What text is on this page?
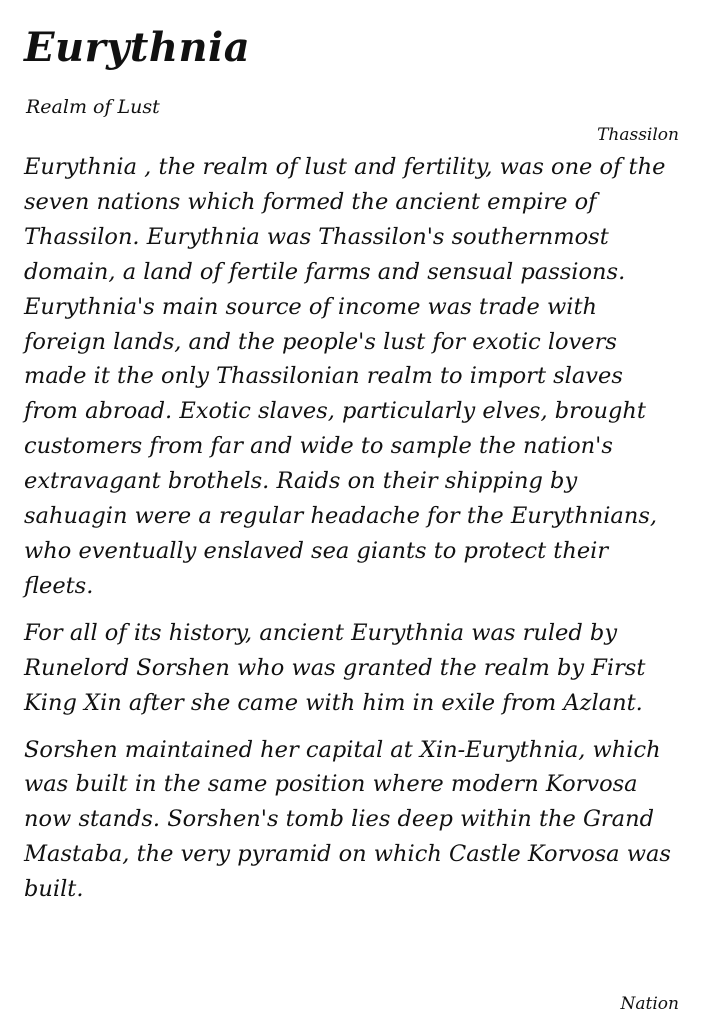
Eurythnia
Realm of Lust
Thassilon

Eurythnia , the realm of lust and fertility, was one of the seven nations which formed the ancient empire of Thassilon. Eurythnia was Thassilon's southernmost domain, a land of fertile farms and sensual passions. Eurythnia's main source of income was trade with foreign lands, and the people's lust for exotic lovers made it the only Thassilonian realm to import slaves from abroad. Exotic slaves, particularly elves, brought customers from far and wide to sample the nation's extravagant brothels. Raids on their shipping by sahuagin were a regular headache for the Eurythnians, who eventually enslaved sea giants to protect their fleets.

For all of its history, ancient Eurythnia was ruled by Runelord Sorshen who was granted the realm by First King Xin after she came with him in exile from Azlant.

Sorshen maintained her capital at Xin-Eurythnia, which was built in the same position where modern Korvosa now stands. Sorshen's tomb lies deep within the Grand Mastaba, the very pyramid on which Castle Korvosa was built.

Nation
